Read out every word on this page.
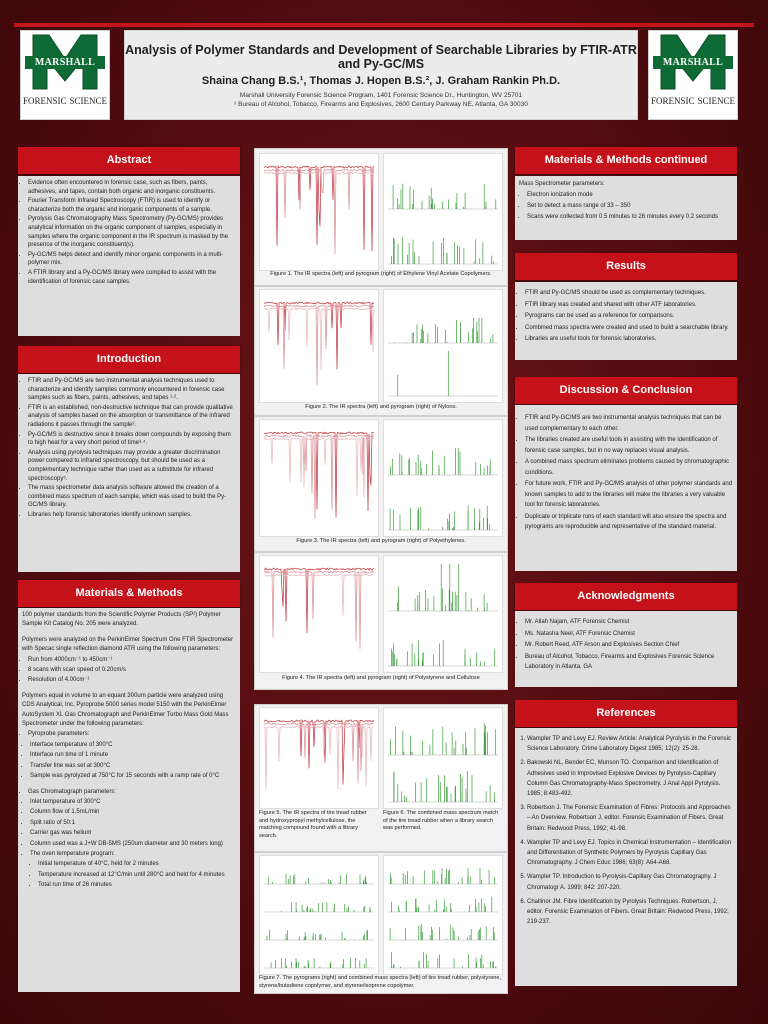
MARSHALL
FORENSIC SCIENCE
MARSHALL
FORENSIC SCIENCE
Analysis of Polymer Standards and Development of Searchable Libraries by FTIR-ATR and Py-GC/MS
Shaina Chang B.S.¹, Thomas J. Hopen B.S.², J. Graham Rankin Ph.D.
Marshall University Forensic Science Program, 1401 Forensic Science Dr., Huntington, WV 25701
² Bureau of Alcohol, Tobacco, Firearms and Explosives, 2600 Century Parkway NE, Atlanta, GA 30030
Abstract
• Evidence often encountered in forensic case, such as fibers, paints, adhesives, and tapes, contain both organic and inorganic constituents.
• Fourier Transform Infrared Spectroscopy (FTIR) is used to identify or characterize both the organic and inorganic components of a sample.
• Pyrolysis Gas Chromatography Mass Spectrometry (Py-GC/MS) provides analytical information on the organic component of samples, especially in samples where the organic component in the IR spectrum is masked by the presence of the inorganic constituent(s).
• Py-GC/MS helps detect and identify minor organic components in a multi-polymer mix.
• A FTIR library and a Py-GC/MS library were compiled to assist with the identification of forensic case samples.
Introduction
• FTIR and Py-GC/MS are two instrumental analysis techniques used to characterize and identify samples commonly encountered in forensic case samples such as fibers, paints, adhesives, and tapes ¹·².
• FTIR is an established, non-destructive technique that can provide qualitative analysis of samples based on the absorption or transmittance of the infrared radiations it passes through the sample³.
• Py-GC/MS is destructive since it breaks down compounds by exposing them to high heat for a very short period of time³·⁴.
• Analysis using pyrolysis techniques may provide a greater discrimination power compared to infrared spectroscopy, but should be used as a complementary technique rather than used as a substitute for infrared spectroscopy⁵.
• The mass spectrometer data analysis software allowed the creation of a combined mass spectrum of each sample, which was used to build the Py-GC/MS library.
• Libraries help forensic laboratories identify unknown samples.
Materials & Methods

100 polymer standards from the Scientific Polymer Products (SP²) Polymer Sample Kit Catalog No. 205 were analyzed.

Polymers were analyzed on the PerkinElmer Spectrum One FTIR Spectrometer with Specac single reflection diamond ATR using the following parameters:

• Run from 4000cm⁻¹ to 450cm⁻¹
• 8 scans with scan speed of 0.20cm/s
• Resolution of 4.00cm⁻¹

Polymers equal in volume to an equant 300um particle were analyzed using CDS Analytical, Inc. Pyroprobe 5000 series model 5150 with the PerkinElmer AutoSystem XL Gas Chromatograph and PerkinElmer Turbo Mass Gold Mass Spectrometer under the following parameters:

• Pyroprobe parameters:
• Interface temperature of 300°C
• Interface run time of 1 minute
• Transfer line was set at 300°C
• Sample was pyrolyzed at 750°C for 15 seconds with a ramp rate of 0°C
• Gas Chromatograph parameters:
• Inlet temperature of 300°C
• Column flow of 1.5mL/min
• Split ratio of 50:1
• Carrier gas was helium
• Column used was a J+W DB-5MS (250um diameter and 30 meters long)
• The oven temperature program:
• Initial temperature of 40°C, held for 2 minutes
• Temperature increased at 12°C/min until 280°C and held for 4 minutes
• Total run time of 26 minutes
Figure 1. The IR spectra (left) and pyrogram (right) of Ethylene Vinyl Acetate Copolymers.
Figure 2. The IR spectra (left) and pyrogram (right) of Nylons.
Figure 3. The IR spectra (left) and pyrogram (right) of Polyethylenes.
Figure 4. The IR spectra (left) and pyrogram (right) of Polystyrene and Cellulose
Figure 5. The IR spectra of tire tread rubber and hydroxypropyl methylcellulose, the matching compound found with a library search.
Figure 6. The combined mass spectrum match of the tire tread rubber when a library search was performed.
Figure 7. The pyrograms (right) and combined mass spectra (left) of tire tread rubber, polystyrene, styrene/butadiene copolymer, and styrene/isoprene copolymer.
Materials & Methods continued

Mass Spectrometer parameters:

• Electron ionization mode
• Set to detect a mass range of 33 – 350
• Scans were collected from 0.5 minutes to 26 minutes every 0.2 seconds
Results
• FTIR and Py-GC/MS should be used as complementary techniques.
• FTIR library was created and shared with other ATF laboratories.
• Pyrograms can be used as a reference for comparisons.
• Combined mass spectra were created and used to build a searchable library.
• Libraries are useful tools for forensic laboratories.
Discussion & Conclusion
• FTIR and Py-GC/MS are two instrumental analysis techniques that can be used complementary to each other.
• The libraries created are useful tools in assisting with the identification of forensic case samples, but in no way replaces visual analysis.
• A combined mass spectrum eliminates problems caused by chromatographic conditions.
• For future work, FTIR and Py-GC/MS analysis of other polymer standards and known samples to add to the libraries will make the libraries a very valuable tool for forensic laboratories.
• Duplicate or triplicate runs of each standard will also ensure the spectra and pyrograms are reproducible and representative of the standard material.
Acknowledgments
• Mr. Allah Najam, ATF Forensic Chemist
• Ms. Natasha Neel, ATF Forensic Chemist
• Mr. Robert Reed, ATF Arson and Explosives Section Chief
• Bureau of Alcohol, Tobacco, Firearms and Explosives Forensic Science Laboratory in Atlanta, GA
References
1. Wampler TP and Levy EJ. Review Article: Analytical Pyrolysis in the Forensic Science Laboratory. Crime Laboratory Digest 1985; 12(2): 25-28.
2. Bakowski NL, Bender EC, Munson TO. Comparison and Identification of Adhesives used in Improvised Explosive Devices by Pyrolysis-Capillary Column Gas Chromatography-Mass Spectrometry. J Anal Appl Pyrolysis. 1985; 8:483-492.
3. Robertson J. The Forensic Examination of Fibres: Protocols and Approaches – An Overview. Robertson J, editor. Forensic Examination of Fibers. Great Britain: Redwood Press, 1992; 41-98.
4. Wampler TP and Levy EJ. Topics in Chemical Instrumentation – Identification and Differentiation of Synthetic Polymers by Pyrolysis Capillary Gas Chromatography. J Chem Educ 1986; 63(8): A64-A68.
5. Wampler TP. Introduction to Pyrolysis-Capillary Gas Chromatography. J Chromatogr A. 1999; 842: 207-220.
6. Challinor JM. Fibre Identification by Pyrolysis Techniques. Robertson, J, editor. Forensic Examination of Fibers. Great Britain: Redwood Press, 1992; 219-237.
